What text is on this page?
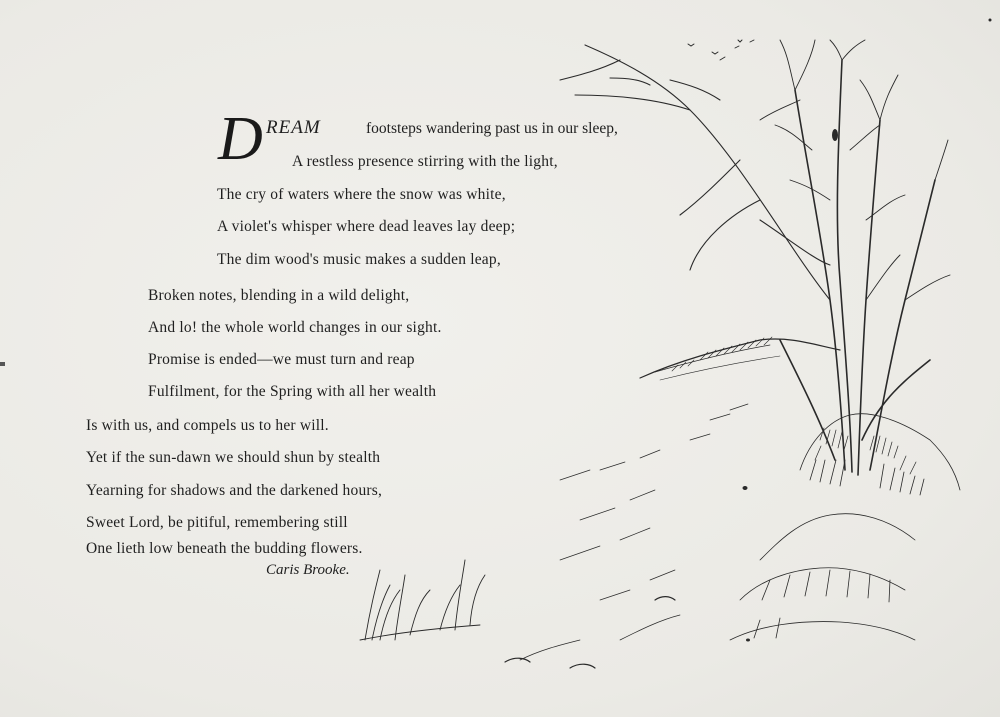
D REAM	footsteps wandering past us in our sleep,
A restless presence stirring with the light,
The cry of waters where the snow was white,
A violet's whisper where dead leaves lay deep;
The dim wood's music makes a sudden leap,
Broken notes, blending in a wild delight,
And lo! the whole world changes in our sight.
Promise is ended—we must turn and reap
Fulfilment, for the Spring with all her wealth
Is with us, and compels us to her will.
Yet if the sun-dawn we should shun by stealth
Yearning for shadows and the darkened hours,
Sweet Lord, be pitiful, remembering still
One lieth low beneath the budding flowers.
Caris Brooke.
